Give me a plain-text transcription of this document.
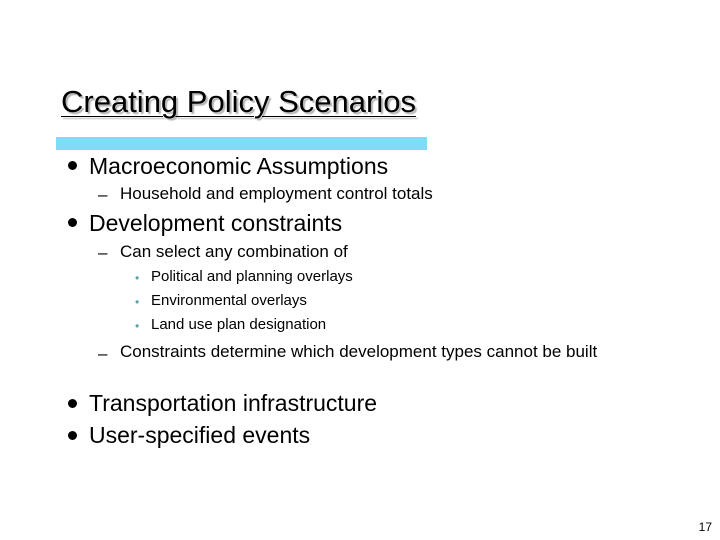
Creating Policy Scenarios
Macroeconomic Assumptions
– Household and employment control totals
Development constraints
– Can select any combination of
• Political and planning overlays
• Environmental overlays
• Land use plan designation
– Constraints determine which development types cannot be built
Transportation infrastructure
User-specified events
17
